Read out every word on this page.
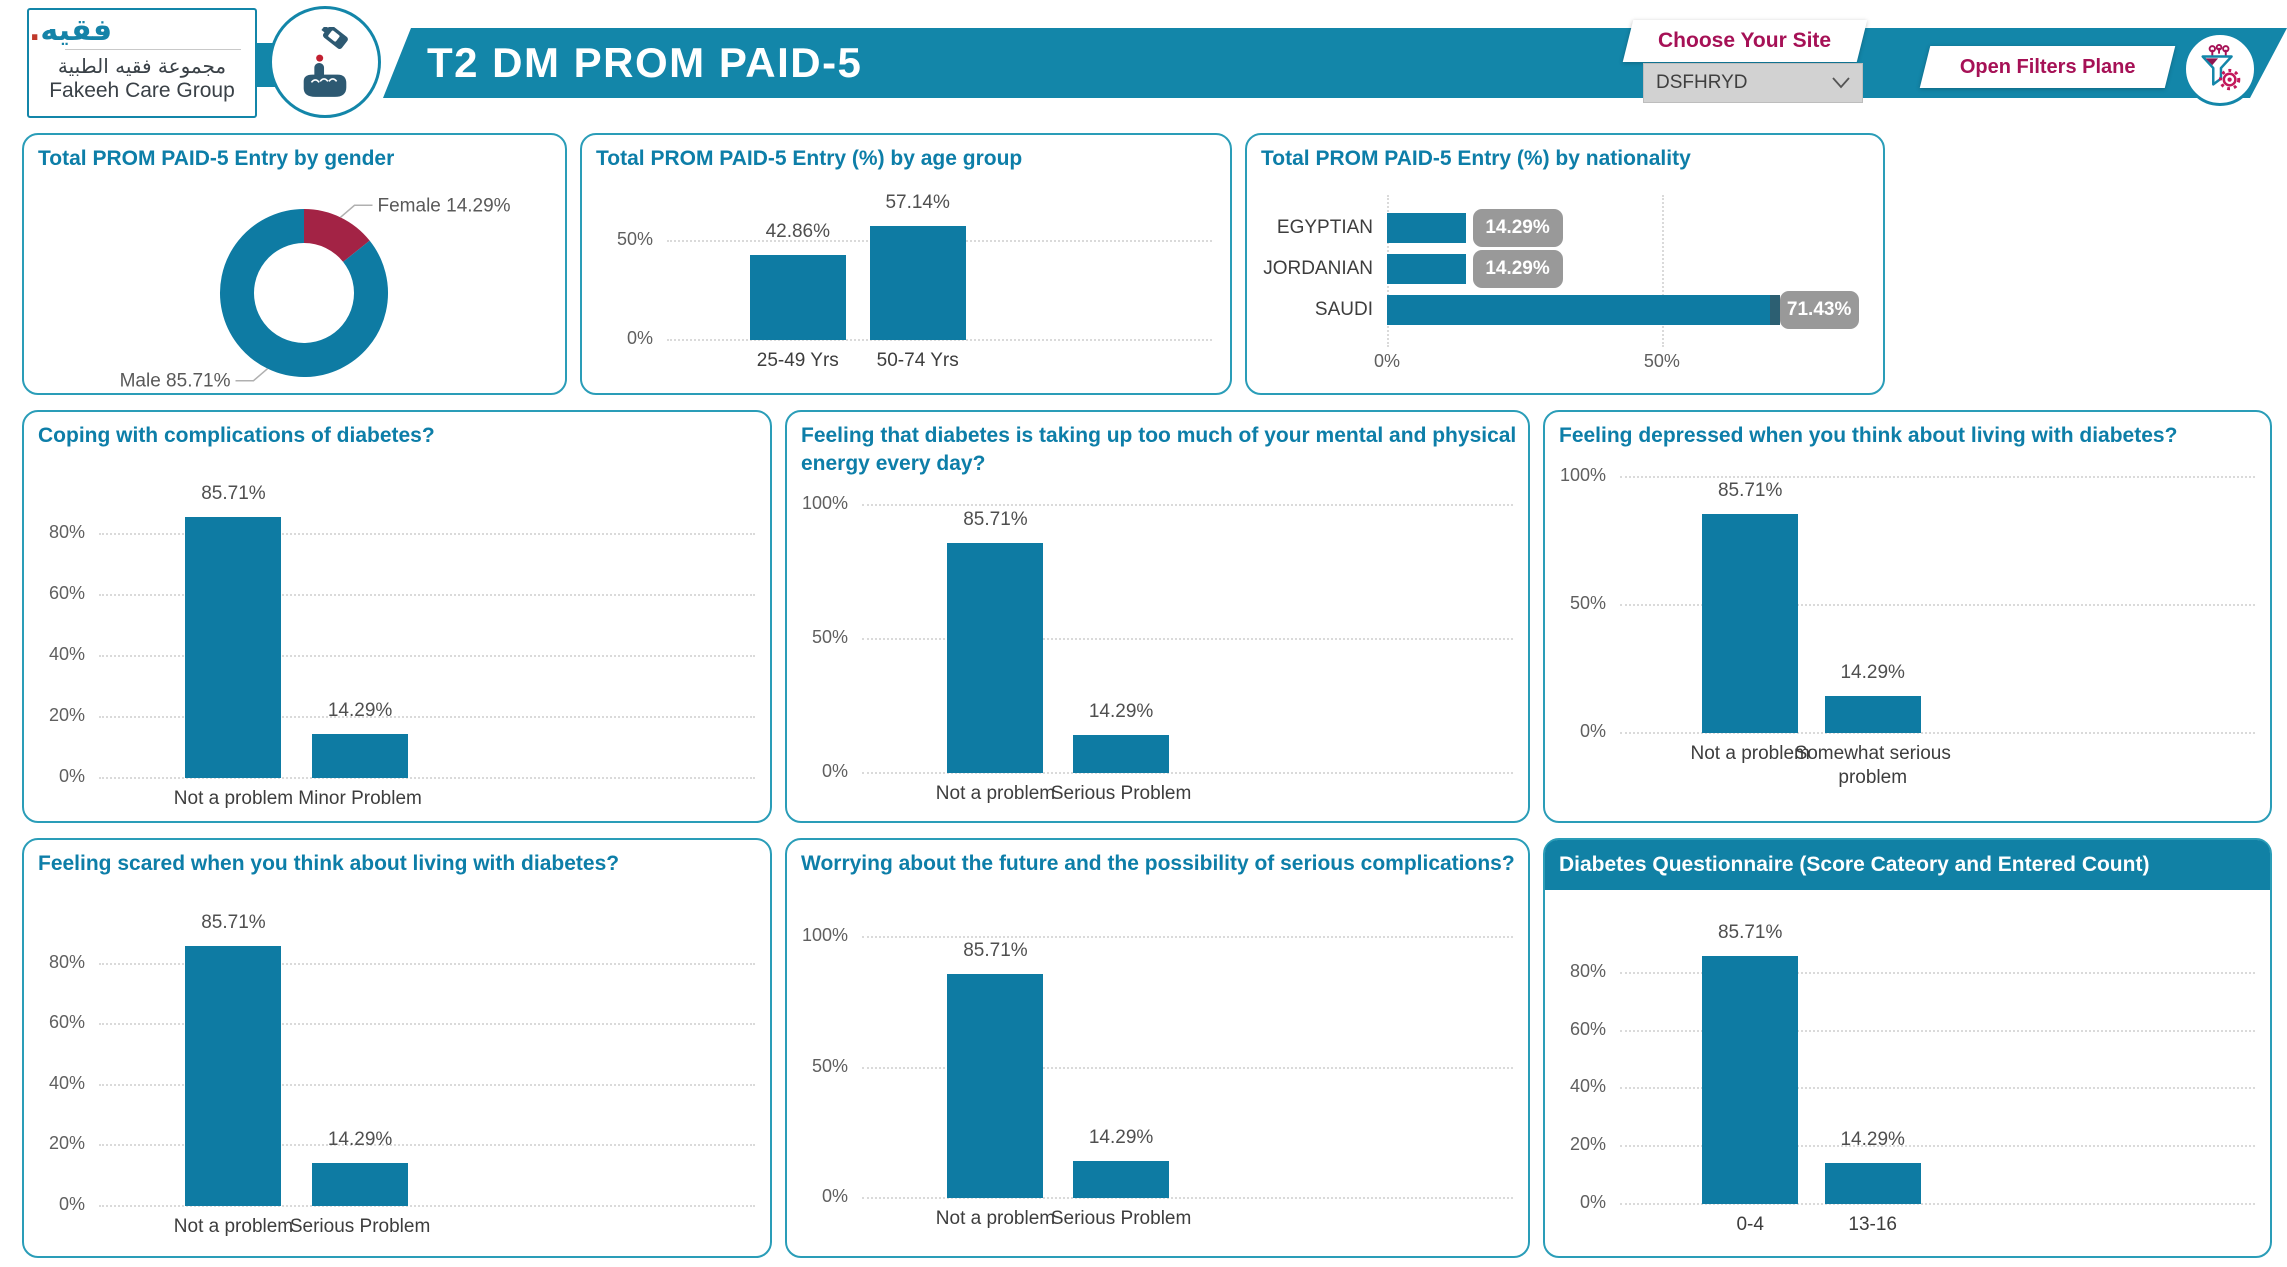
فقيه.
مجموعة فقيه الطبية
Fakeeh Care Group
T2 DM PROM PAID-5	Choose Your Site
DSFHRYD
Open Filters Plane
Total PROM PAID-5 Entry by gender
Female 14.29%
Male 85.71%
Total PROM PAID-5 Entry (%) by age group
0%
50%	42.86%
25-49 Yrs
57.14%
50-74 Yrs
Total PROM PAID-5 Entry (%) by nationality
0%	50%
14.29%
EGYPTIAN
14.29%
JORDANIAN
71.43%
SAUDI
Coping with complications of diabetes?
0%
20%
40%
60%
80%
85.71%
Not a problem
14.29%
Minor Problem
Feeling that diabetes is taking up too much of your mental and physical energy every day?
0%
50%
100%
85.71%
Not a problem
14.29%
Serious Problem
Feeling depressed when you think about living with diabetes?
0%
50%
100%
85.71%
Not a problem
14.29%
Somewhat serious problem
Feeling scared when you think about living with diabetes?
0%
20%
40%
60%
80%
85.71%
Not a problem
14.29%
Serious Problem
Worrying about the future and the possibility of serious complications?
0%
50%
100%
85.71%
Not a problem
14.29%
Serious Problem
Diabetes Questionnaire (Score Cateory and Entered Count)
0%
20%
40%
60%
80%
85.71%
0-4
14.29%
13-16
